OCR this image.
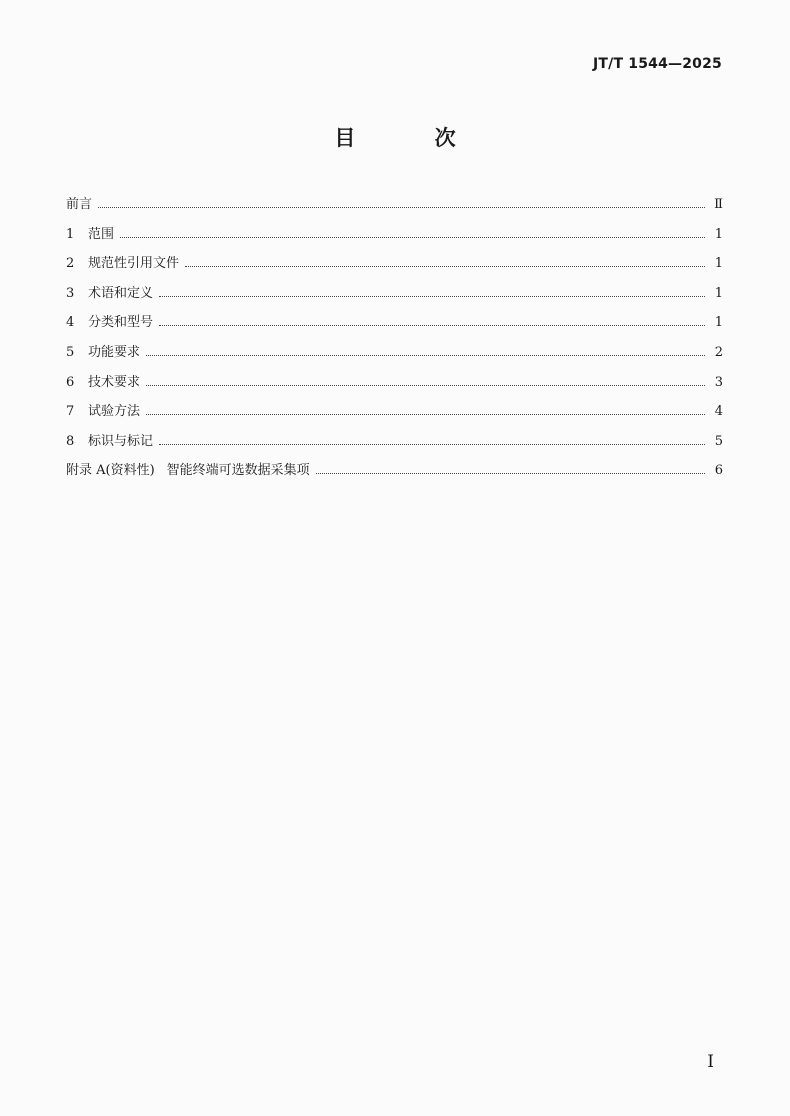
JT/T 1544—2025
目 次
前言	Ⅱ
1	范围	1
2	规范性引用文件	1
3	术语和定义	1
4	分类和型号	1
5	功能要求	2
6	技术要求	3
7	试验方法	4
8	标识与标记	5
附录 A(资料性) 智能终端可选数据采集项	6
I
